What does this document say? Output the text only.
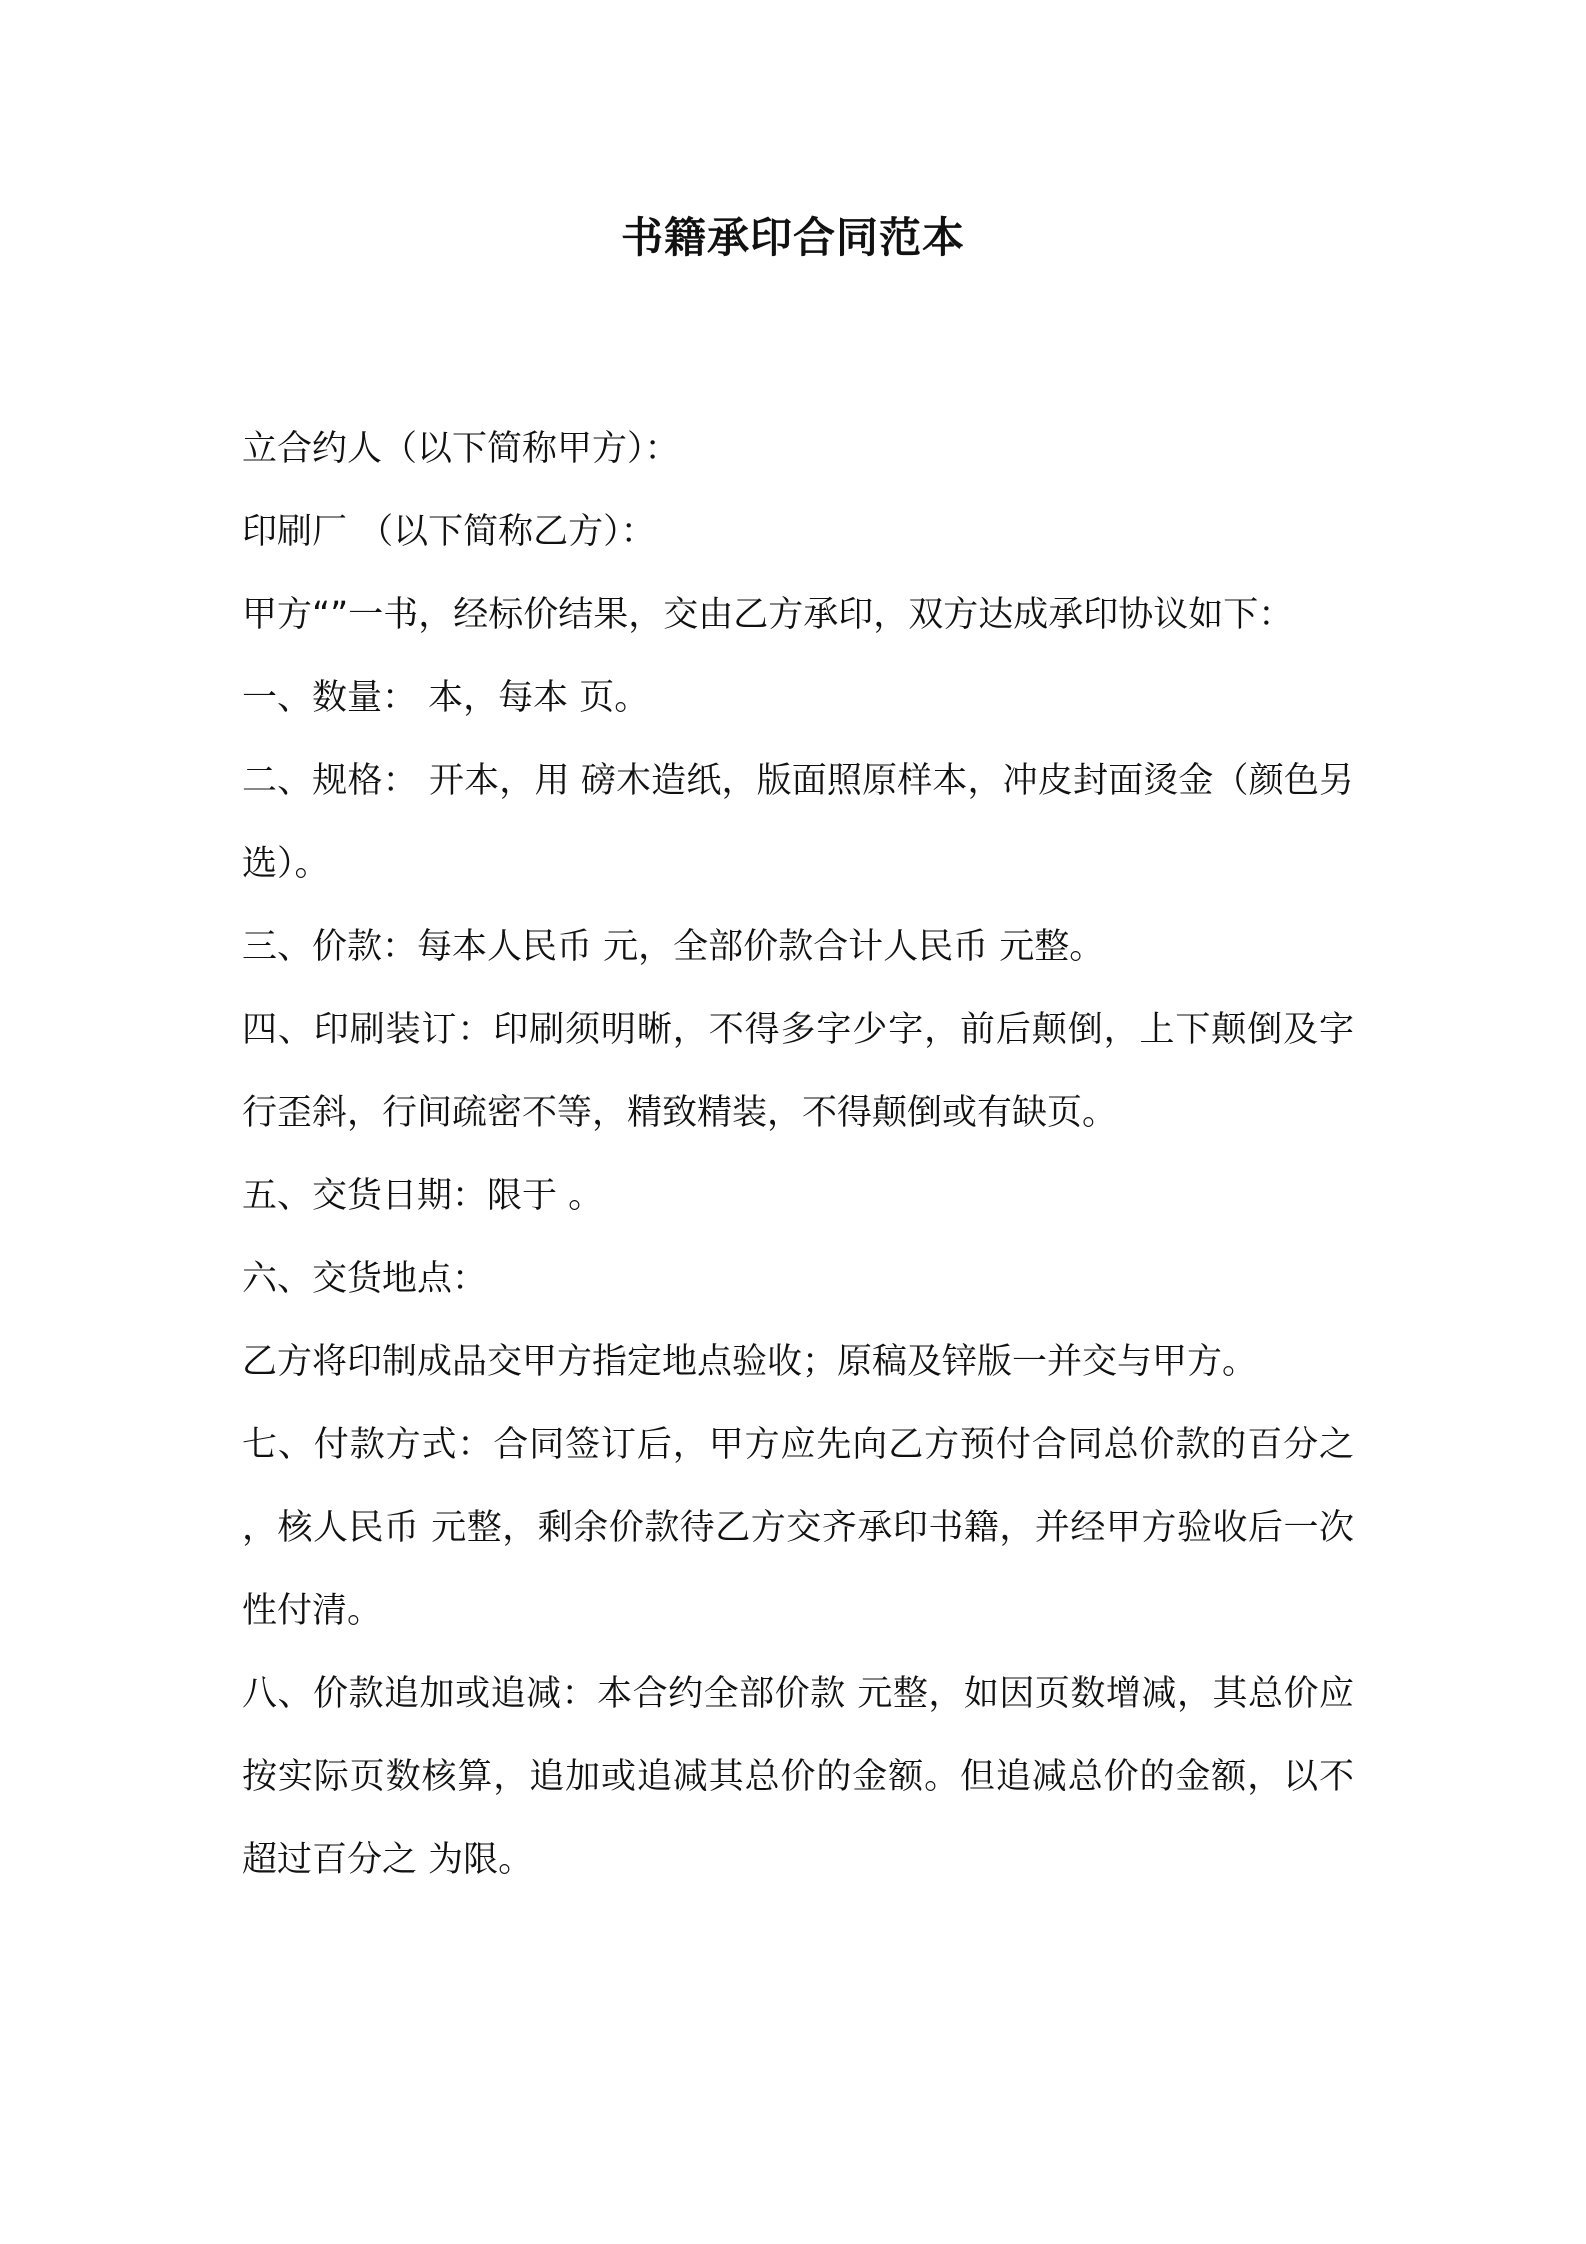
书籍承印合同范本

立合约人（以下简称甲方）：

印刷厂 （以下简称乙方）：

甲方“”一书，经标价结果，交由乙方承印，双方达成承印协议如下：

一、数量： 本，每本 页。

二、规格： 开本，用 磅木造纸，版面照原样本，冲皮封面烫金（颜色另选）。

三、价款：每本人民币 元，全部价款合计人民币 元整。

四、印刷装订：印刷须明晰，不得多字少字，前后颠倒，上下颠倒及字行歪斜，行间疏密不等，精致精装，不得颠倒或有缺页。

五、交货日期：限于 。

六、交货地点：

乙方将印制成品交甲方指定地点验收；原稿及锌版一并交与甲方。

七、付款方式：合同签订后，甲方应先向乙方预付合同总价款的百分之 ，核人民币 元整，剩余价款待乙方交齐承印书籍，并经甲方验收后一次性付清。

八、价款追加或追减：本合约全部价款 元整，如因页数增减，其总价应按实际页数核算，追加或追减其总价的金额。但追减总价的金额，以不超过百分之 为限。
